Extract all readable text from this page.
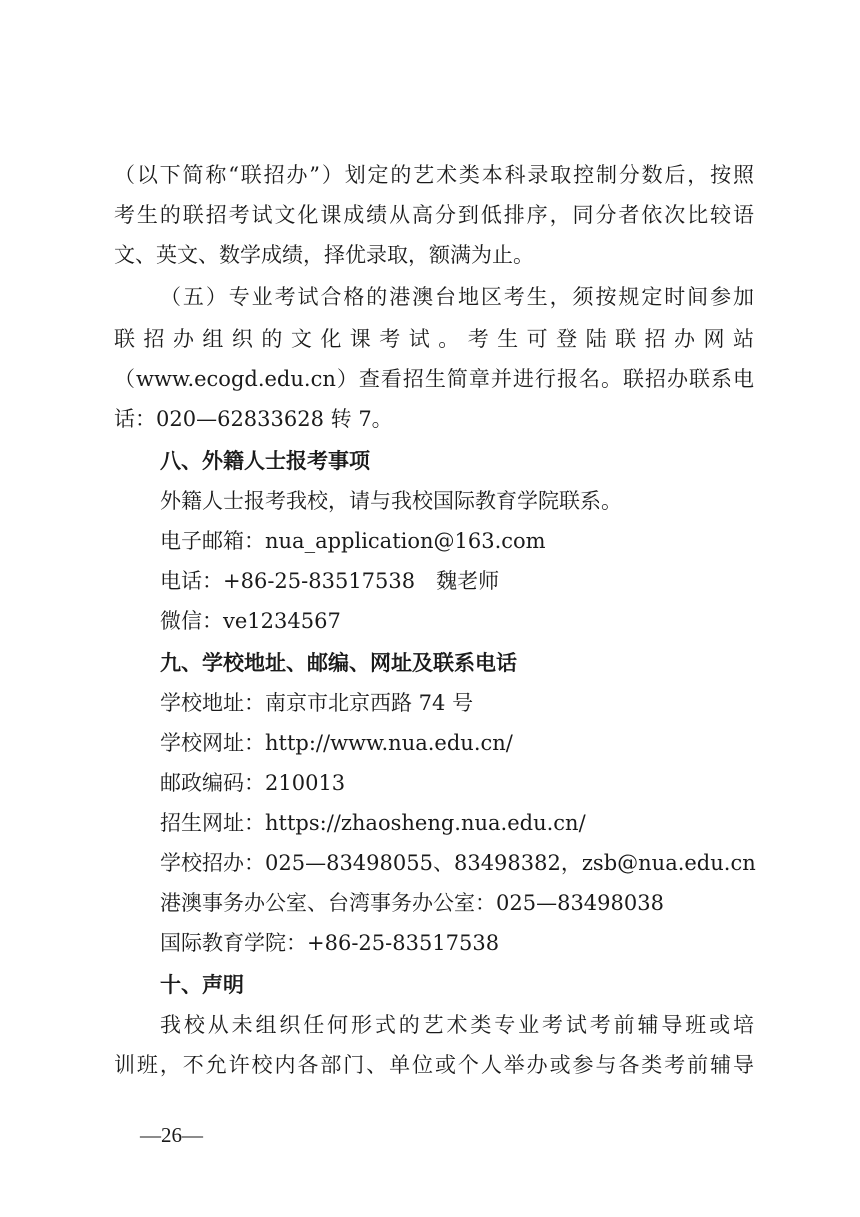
（以下简称“联招办”）划定的艺术类本科录取控制分数后，按照
考生的联招考试文化课成绩从高分到低排序，同分者依次比较语
文、英文、数学成绩，择优录取，额满为止。
（五）专业考试合格的港澳台地区考生，须按规定时间参加
联 招 办 组 织 的 文 化 课 考 试 。 考 生 可 登 陆 联 招 办 网 站
（www.ecogd.edu.cn）查看招生简章并进行报名。联招办联系电
话：020—62833628 转 7。
八、外籍人士报考事项
外籍人士报考我校，请与我校国际教育学院联系。
电子邮箱：nua_application@163.com
电话：+86-25-83517538　魏老师
微信：ve1234567
九、学校地址、邮编、网址及联系电话
学校地址：南京市北京西路 74 号
学校网址：http://www.nua.edu.cn/
邮政编码：210013
招生网址：https://zhaosheng.nua.edu.cn/
学校招办：025—83498055、83498382，zsb@nua.edu.cn
港澳事务办公室、台湾事务办公室：025—83498038
国际教育学院：+86-25-83517538
十、声明
我校从未组织任何形式的艺术类专业考试考前辅导班或培
训班，不允许校内各部门、单位或个人举办或参与各类考前辅导
—26—
